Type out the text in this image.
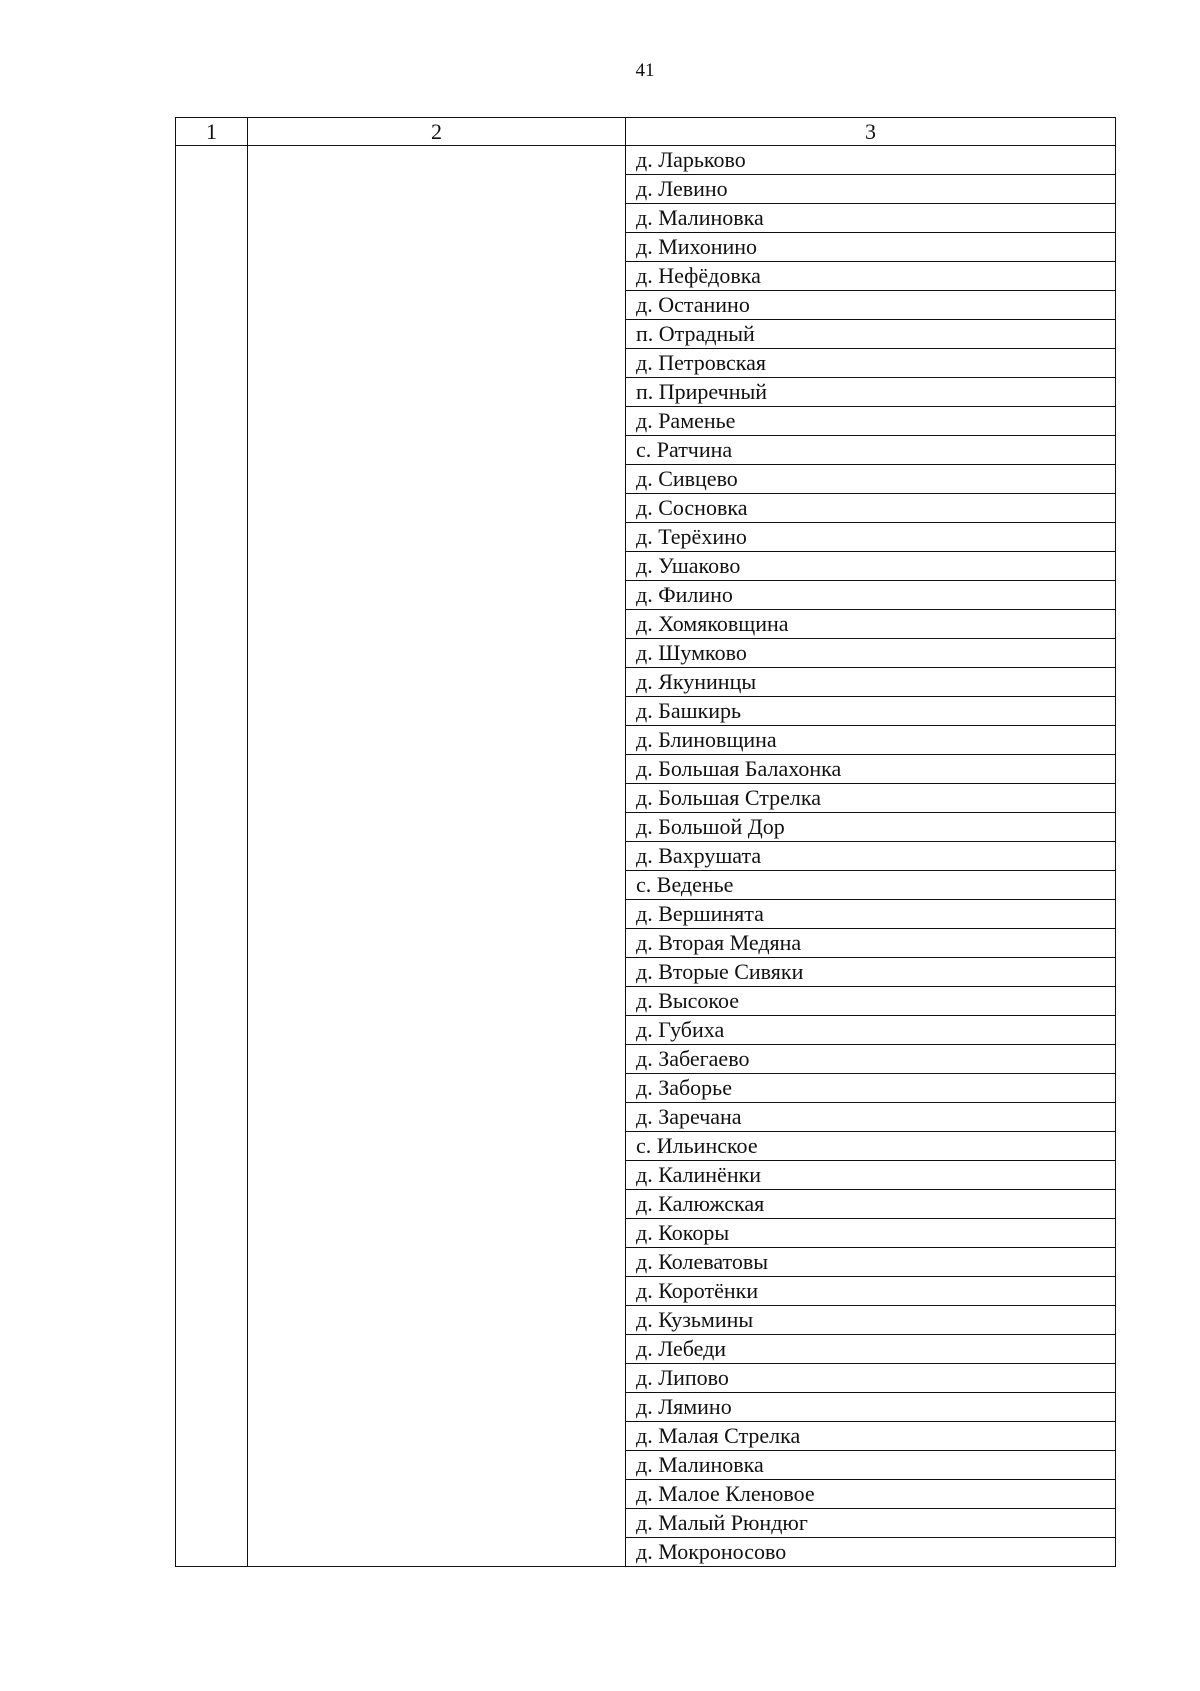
41
1	2	3
		д. Ларьково
		д. Левино
		д. Малиновка
		д. Михонино
		д. Нефёдовка
		д. Останино
		п. Отрадный
		д. Петровская
		п. Приречный
		д. Раменье
		с. Ратчина
		д. Сивцево
		д. Сосновка
		д. Терёхино
		д. Ушаково
		д. Филино
		д. Хомяковщина
		д. Шумково
		д. Якунинцы
		д. Башкирь
		д. Блиновщина
		д. Большая Балахонка
		д. Большая Стрелка
		д. Большой Дор
		д. Вахрушата
		с. Веденье
		д. Вершинята
		д. Вторая Медяна
		д. Вторые Сивяки
		д. Высокое
		д. Губиха
		д. Забегаево
		д. Заборье
		д. Заречана
		с. Ильинское
		д. Калинёнки
		д. Калюжская
		д. Кокоры
		д. Колеватовы
		д. Коротёнки
		д. Кузьмины
		д. Лебеди
		д. Липово
		д. Лямино
		д. Малая Стрелка
		д. Малиновка
		д. Малое Кленовое
		д. Малый Рюндюг
		д. Мокроносово
